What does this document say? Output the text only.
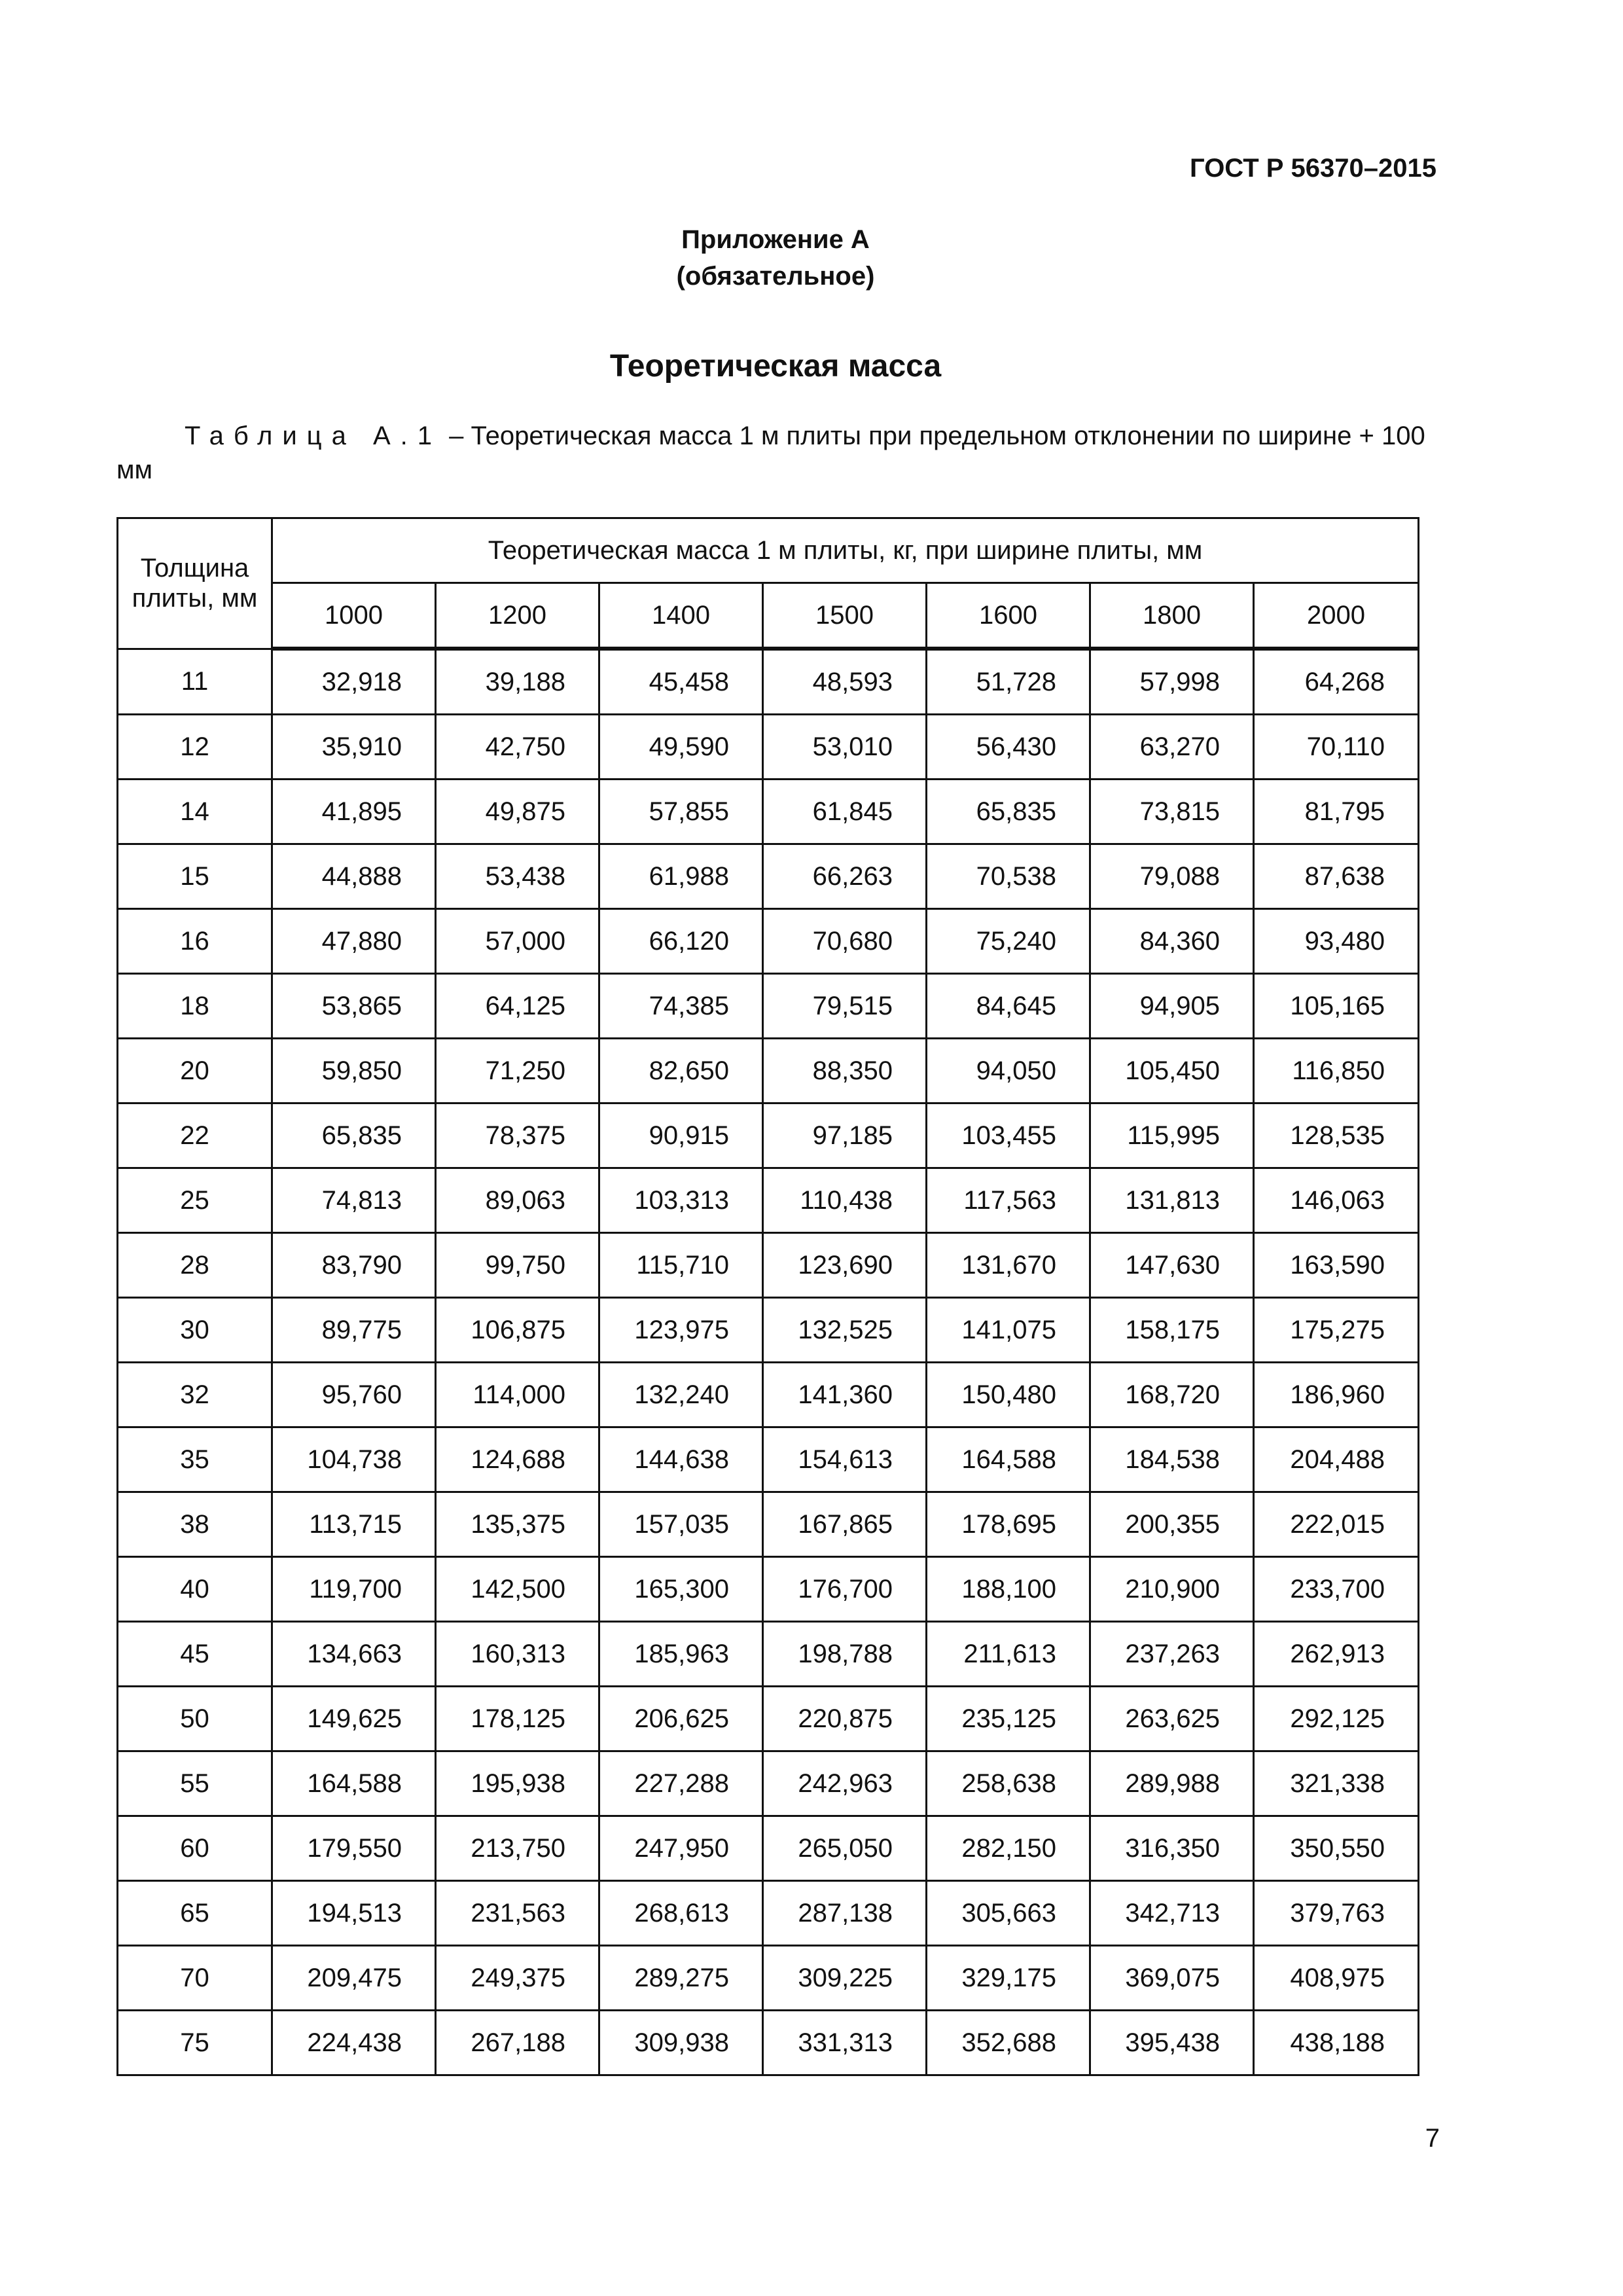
ГОСТ Р 56370–2015
Приложение А
(обязательное)
Теоретическая масса
Таблица А.1 – Теоретическая масса 1 м плиты при предельном отклонении по ширине + 100 мм
Толщина плиты, мм	Теоретическая масса 1 м плиты, кг, при ширине плиты, мм						
	1000	1200	1400	1500	1600	1800	2000
11	32,918	39,188	45,458	48,593	51,728	57,998	64,268
12	35,910	42,750	49,590	53,010	56,430	63,270	70,110
14	41,895	49,875	57,855	61,845	65,835	73,815	81,795
15	44,888	53,438	61,988	66,263	70,538	79,088	87,638
16	47,880	57,000	66,120	70,680	75,240	84,360	93,480
18	53,865	64,125	74,385	79,515	84,645	94,905	105,165
20	59,850	71,250	82,650	88,350	94,050	105,450	116,850
22	65,835	78,375	90,915	97,185	103,455	115,995	128,535
25	74,813	89,063	103,313	110,438	117,563	131,813	146,063
28	83,790	99,750	115,710	123,690	131,670	147,630	163,590
30	89,775	106,875	123,975	132,525	141,075	158,175	175,275
32	95,760	114,000	132,240	141,360	150,480	168,720	186,960
35	104,738	124,688	144,638	154,613	164,588	184,538	204,488
38	113,715	135,375	157,035	167,865	178,695	200,355	222,015
40	119,700	142,500	165,300	176,700	188,100	210,900	233,700
45	134,663	160,313	185,963	198,788	211,613	237,263	262,913
50	149,625	178,125	206,625	220,875	235,125	263,625	292,125
55	164,588	195,938	227,288	242,963	258,638	289,988	321,338
60	179,550	213,750	247,950	265,050	282,150	316,350	350,550
65	194,513	231,563	268,613	287,138	305,663	342,713	379,763
70	209,475	249,375	289,275	309,225	329,175	369,075	408,975
75	224,438	267,188	309,938	331,313	352,688	395,438	438,188
7
